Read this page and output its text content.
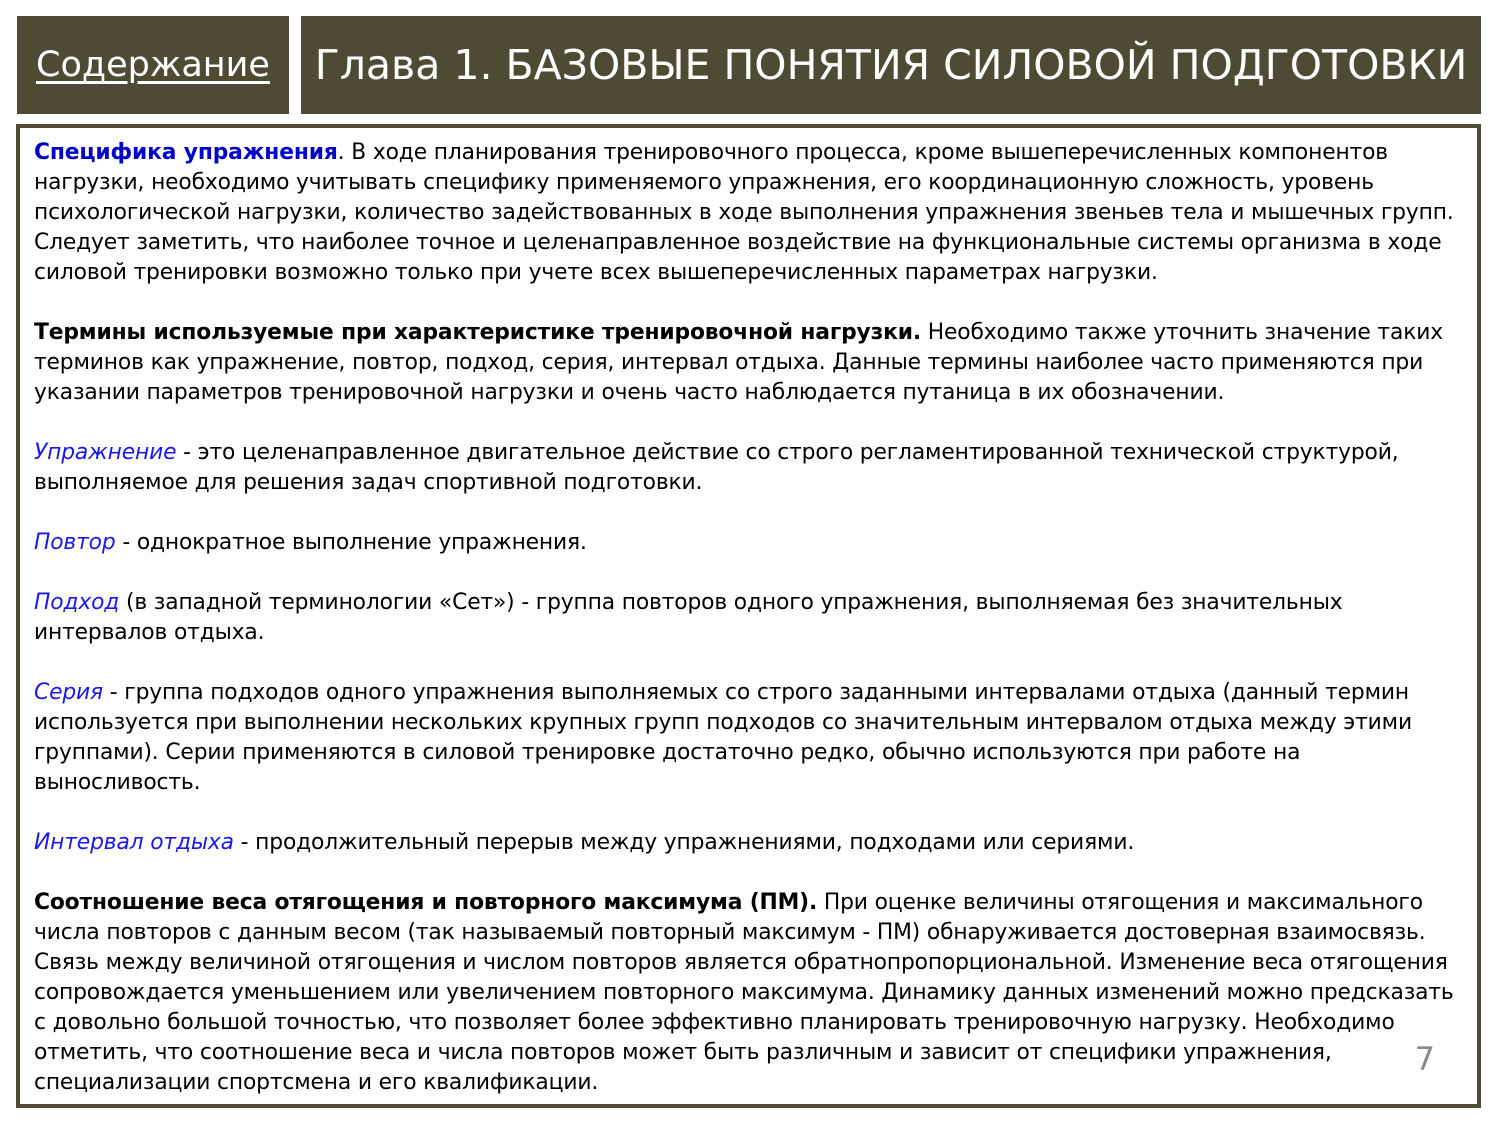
Содержание Глава 1. БАЗОВЫЕ ПОНЯТИЯ СИЛОВОЙ ПОДГОТОВКИ

Специфика упражнения. В ходе планирования тренировочного процесса, кроме вышеперечисленных компонентов нагрузки, необходимо учитывать специфику применяемого упражнения, его координационную сложность, уровень психологической нагрузки, количество задействованных в ходе выполнения упражнения звеньев тела и мышечных групп. Следует заметить, что наиболее точное и целенаправленное воздействие на функциональные системы организма в ходе силовой тренировки возможно только при учете всех вышеперечисленных параметрах нагрузки.

Термины используемые при характеристике тренировочной нагрузки. Необходимо также уточнить значение таких терминов как упражнение, повтор, подход, серия, интервал отдыха. Данные термины наиболее часто применяются при указании параметров тренировочной нагрузки и очень часто наблюдается путаница в их обозначении.

Упражнение - это целенаправленное двигательное действие со строго регламентированной технической структурой, выполняемое для решения задач спортивной подготовки.

Повтор - однократное выполнение упражнения.

Подход (в западной терминологии «Сет») - группа повторов одного упражнения, выполняемая без значительных интервалов отдыха.

Серия - группа подходов одного упражнения выполняемых со строго заданными интервалами отдыха (данный термин используется при выполнении нескольких крупных групп подходов со значительным интервалом отдыха между этими группами). Серии применяются в силовой тренировке достаточно редко, обычно используются при работе на выносливость.

Интервал отдыха - продолжительный перерыв между упражнениями, подходами или сериями.

Соотношение веса отягощения и повторного максимума (ПМ). При оценке величины отягощения и максимального числа повторов с данным весом (так называемый повторный максимум - ПМ) обнаруживается достоверная взаимосвязь. Связь между величиной отягощения и числом повторов является обратнопропорциональной. Изменение веса отягощения сопровождается уменьшением или увеличением повторного максимума. Динамику данных изменений можно предсказать с довольно большой точностью, что позволяет более эффективно планировать тренировочную нагрузку. Необходимо отметить, что соотношение веса и числа повторов может быть различным и зависит от специфики упражнения, специализации спортсмена и его квалификации.

7
